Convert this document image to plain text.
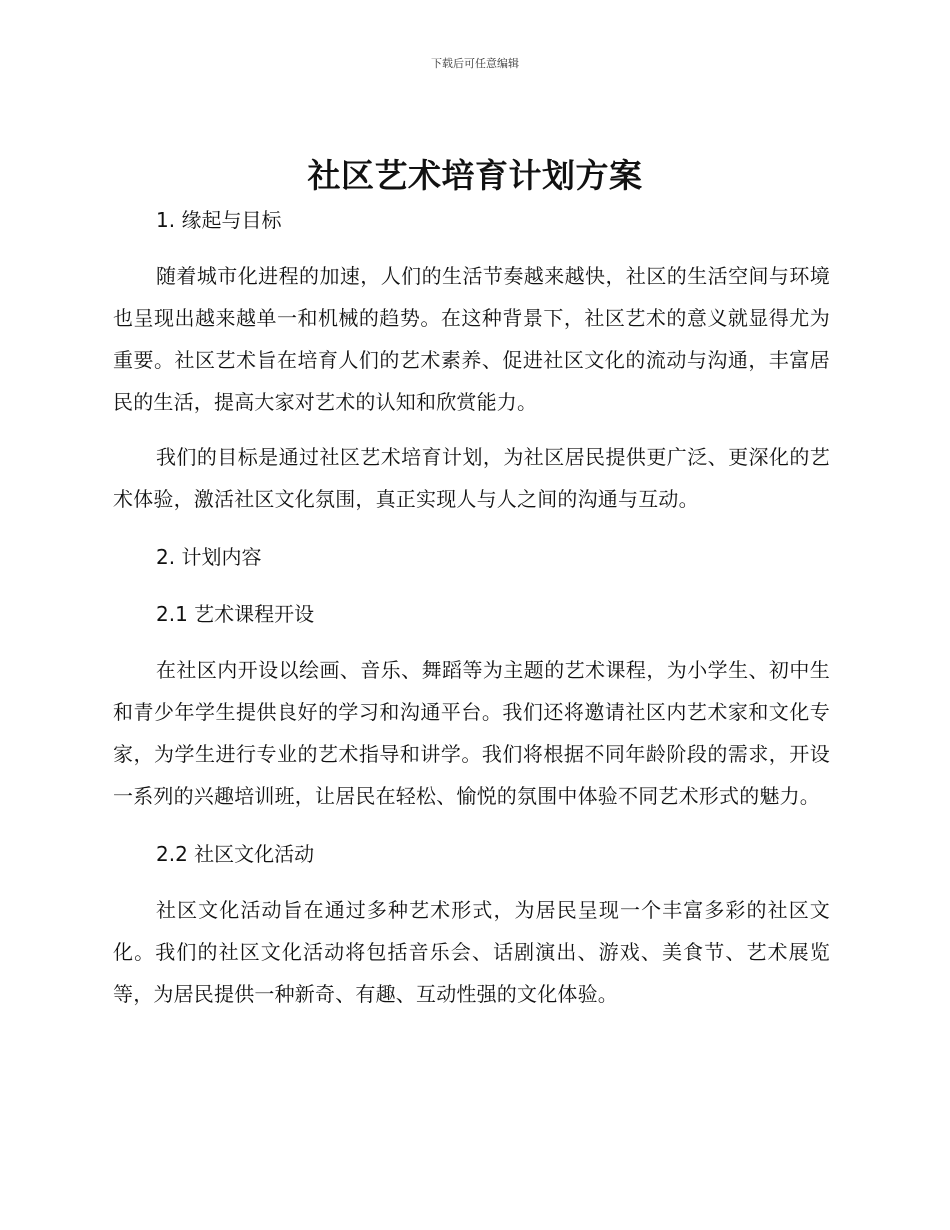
下载后可任意编辑
社区艺术培育计划方案
1. 缘起与目标

随着城市化进程的加速，人们的生活节奏越来越快，社区的生活空间与环境也呈现出越来越单一和机械的趋势。在这种背景下，社区艺术的意义就显得尤为重要。社区艺术旨在培育人们的艺术素养、促进社区文化的流动与沟通，丰富居民的生活，提高大家对艺术的认知和欣赏能力。

我们的目标是通过社区艺术培育计划，为社区居民提供更广泛、更深化的艺术体验，激活社区文化氛围，真正实现人与人之间的沟通与互动。

2. 计划内容
2.1 艺术课程开设

在社区内开设以绘画、音乐、舞蹈等为主题的艺术课程，为小学生、初中生和青少年学生提供良好的学习和沟通平台。我们还将邀请社区内艺术家和文化专家，为学生进行专业的艺术指导和讲学。我们将根据不同年龄阶段的需求，开设一系列的兴趣培训班，让居民在轻松、愉悦的氛围中体验不同艺术形式的魅力。

2.2 社区文化活动

社区文化活动旨在通过多种艺术形式，为居民呈现一个丰富多彩的社区文化。我们的社区文化活动将包括音乐会、话剧演出、游戏、美食节、艺术展览等，为居民提供一种新奇、有趣、互动性强的文化体验。
